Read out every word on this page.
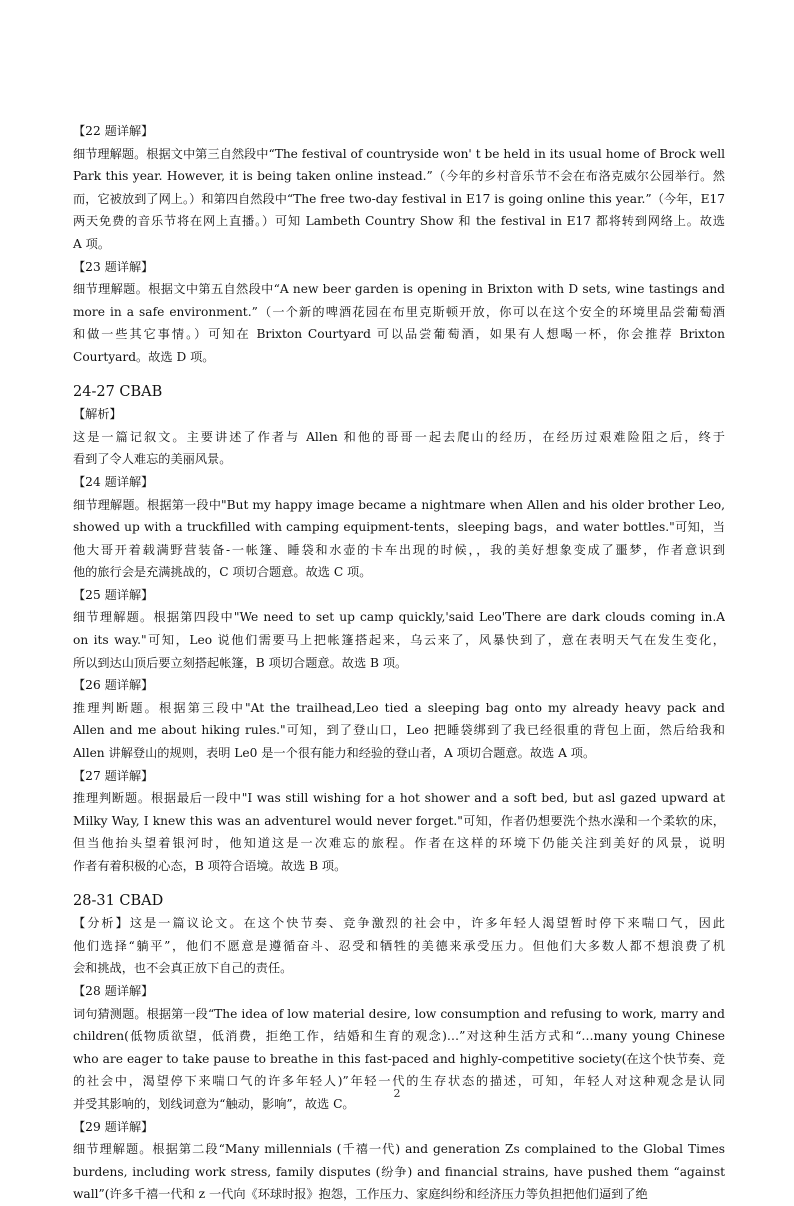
【22 题详解】
细节理解题。根据文中第三自然段中“The festival of countryside won' t be held in its usual home of Brock well
Park this year. However, it is being taken online instead.”（今年的乡村音乐节不会在布洛克威尔公园举行。然
而，它被放到了网上。）和第四自然段中“The free two-day festival in E17 is going online this year.”（今年，E17
两天免费的音乐节将在网上直播。）可知 Lambeth Country Show 和 the festival in E17 都将转到网络上。故选
A 项。
【23 题详解】
细节理解题。根据文中第五自然段中“A new beer garden is opening in Brixton with D sets, wine tastings and
more in a safe environment.”（一个新的啤酒花园在布里克斯顿开放，你可以在这个安全的环境里品尝葡萄酒
和做一些其它事情。）可知在 Brixton Courtyard 可以品尝葡萄酒，如果有人想喝一杯，你会推荐 Brixton
Courtyard。故选 D 项。
24-27 CBAB
【解析】
这是一篇记叙文。主要讲述了作者与 Allen 和他的哥哥一起去爬山的经历，在经历过艰难险阻之后，终于
看到了令人难忘的美丽风景。
【24 题详解】
细节理解题。根据第一段中"But my happy image became a nightmare when Allen and his older brother Leo,
showed up with a truckfilled with camping equipment-tents，sleeping bags，and water bottles."可知，当
他大哥开着载满野营装备-一帐篷、睡袋和水壶的卡车出现的时候，，我的美好想象变成了噩梦，作者意识到
他的旅行会是充满挑战的，C 项切合题意。故选 C 项。
【25 题详解】
细节理解题。根据第四段中"We need to set up camp quickly,'said Leo'There are dark clouds coming in.A
on its way."可知，Leo 说他们需要马上把帐篷搭起来，乌云来了，风暴快到了，意在表明天气在发生变化，
所以到达山顶后要立刻搭起帐篷，B 项切合题意。故选 B 项。
【26 题详解】
推理判断题。根据第三段中"At the trailhead,Leo tied a sleeping bag onto my already heavy pack and
Allen and me about hiking rules."可知，到了登山口，Leo 把睡袋绑到了我已经很重的背包上面，然后给我和
Allen 讲解登山的规则，表明 Le0 是一个很有能力和经验的登山者，A 项切合题意。故选 A 项。
【27 题详解】
推理判断题。根据最后一段中"I was still wishing for a hot shower and a soft bed, but asl gazed upward at
Milky Way, I knew this was an adventurel would never forget."可知，作者仍想要洗个热水澡和一个柔软的床，
但当他抬头望着银河时，他知道这是一次难忘的旅程。作者在这样的环境下仍能关注到美好的风景，说明
作者有着积极的心态，B 项符合语境。故选 B 项。
28-31 CBAD
【分析】这是一篇议论文。在这个快节奏、竞争激烈的社会中，许多年轻人渴望暂时停下来喘口气，因此
他们选择“躺平”，他们不愿意是遵循奋斗、忍受和牺牲的美德来承受压力。但他们大多数人都不想浪费了机
会和挑战，也不会真正放下自己的责任。
【28 题详解】
词句猜测题。根据第一段“The idea of low material desire, low consumption and refusing to work, marry and
children(低物质欲望，低消费，拒绝工作，结婚和生育的观念)…”对这种生活方式和“…many young Chinese
who are eager to take pause to breathe in this fast-paced and highly-competitive society(在这个快节奏、竞
的社会中，渴望停下来喘口气的许多年轻人)”年轻一代的生存状态的描述，可知，年轻人对这种观念是认同
并受其影响的，划线词意为“触动，影响”，故选 C。
【29 题详解】
细节理解题。根据第二段“Many millennials (千禧一代) and generation Zs complained to the Global Times
burdens, including work stress, family disputes (纷争) and financial strains, have pushed them “against
wall”(许多千禧一代和 z 一代向《环球时报》抱怨，工作压力、家庭纠纷和经济压力等负担把他们逼到了绝
2
